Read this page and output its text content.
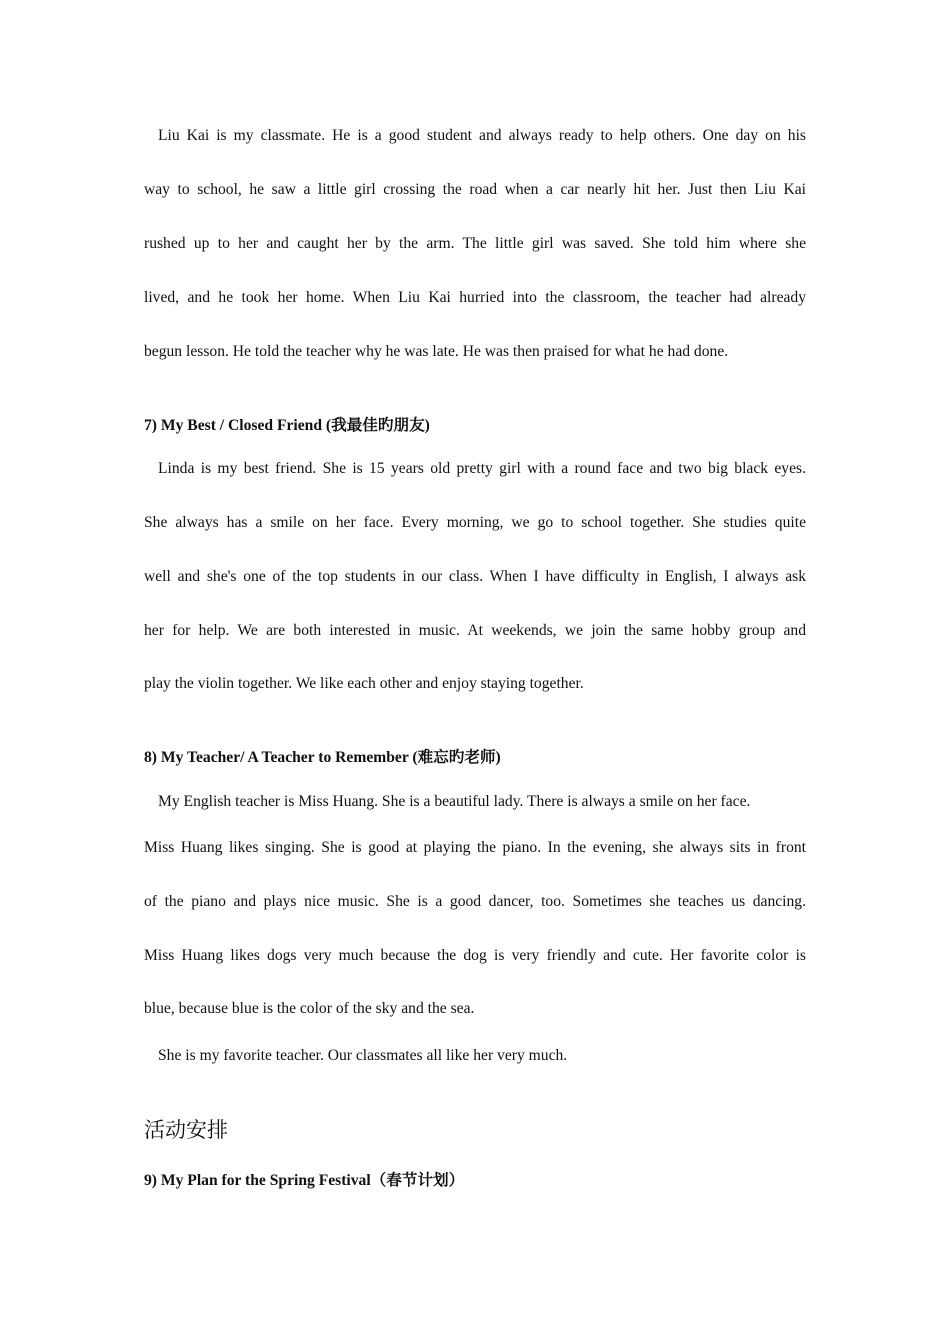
Liu Kai is my classmate. He is a good student and always ready to help others. One day on his
way to school, he saw a little girl crossing the road when a car nearly hit her. Just then Liu Kai
rushed up to her and caught her by the arm. The little girl was saved. She told him where she
lived, and he took her home. When Liu Kai hurried into the classroom, the teacher had already
begun lesson. He told the teacher why he was late. He was then praised for what he had done.
7) My Best / Closed Friend (我最佳旳朋友)
Linda is my best friend. She is 15 years old pretty girl with a round face and two big black eyes.
She always has a smile on her face. Every morning, we go to school together. She studies quite
well and she's one of the top students in our class. When I have difficulty in English, I always ask
her for help. We are both interested in music. At weekends, we join the same hobby group and
play the violin together. We like each other and enjoy staying together.
8) My Teacher/ A Teacher to Remember (难忘旳老师)
My English teacher is Miss Huang. She is a beautiful lady. There is always a smile on her face.
Miss Huang likes singing. She is good at playing the piano. In the evening, she always sits in front
of the piano and plays nice music. She is a good dancer, too. Sometimes she teaches us dancing.
Miss Huang likes dogs very much because the dog is very friendly and cute. Her favorite color is
blue, because blue is the color of the sky and the sea.
She is my favorite teacher. Our classmates all like her very much.
活动安排
9) My Plan for the Spring Festival（春节计划）
